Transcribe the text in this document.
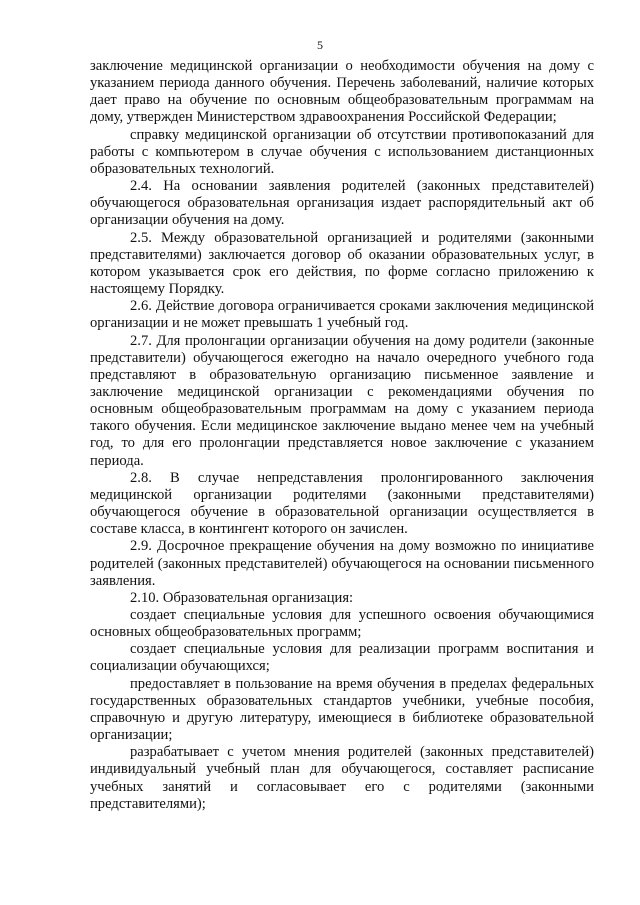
5

заключение медицинской организации о необходимости обучения на дому с указанием периода данного обучения. Перечень заболеваний, наличие которых дает право на обучение по основным общеобразовательным программам на дому, утвержден Министерством здравоохранения Российской Федерации;

справку медицинской организации об отсутствии противопоказаний для работы с компьютером в случае обучения с использованием дистанционных образовательных технологий.

2.4. На основании заявления родителей (законных представителей) обучающегося образовательная организация издает распорядительный акт об организации обучения на дому.

2.5. Между образовательной организацией и родителями (законными представителями) заключается договор об оказании образовательных услуг, в котором указывается срок его действия, по форме согласно приложению к настоящему Порядку.

2.6. Действие договора ограничивается сроками заключения медицинской организации и не может превышать 1 учебный год.

2.7. Для пролонгации организации обучения на дому родители (законные представители) обучающегося ежегодно на начало очередного учебного года представляют в образовательную организацию письменное заявление и заключение медицинской организации с рекомендациями обучения по основным общеобразовательным программам на дому с указанием периода такого обучения. Если медицинское заключение выдано менее чем на учебный год, то для его пролонгации представляется новое заключение с указанием периода.

2.8. В случае непредставления пролонгированного заключения медицинской организации родителями (законными представителями) обучающегося обучение в образовательной организации осуществляется в составе класса, в контингент которого он зачислен.

2.9. Досрочное прекращение обучения на дому возможно по инициативе родителей (законных представителей) обучающегося на основании письменного заявления.

2.10. Образовательная организация:

создает специальные условия для успешного освоения обучающимися основных общеобразовательных программ;

создает специальные условия для реализации программ воспитания и социализации обучающихся;

предоставляет в пользование на время обучения в пределах федеральных государственных образовательных стандартов учебники, учебные пособия, справочную и другую литературу, имеющиеся в библиотеке образовательной организации;

разрабатывает с учетом мнения родителей (законных представителей) индивидуальный учебный план для обучающегося, составляет расписание учебных занятий и согласовывает его с родителями (законными представителями);
